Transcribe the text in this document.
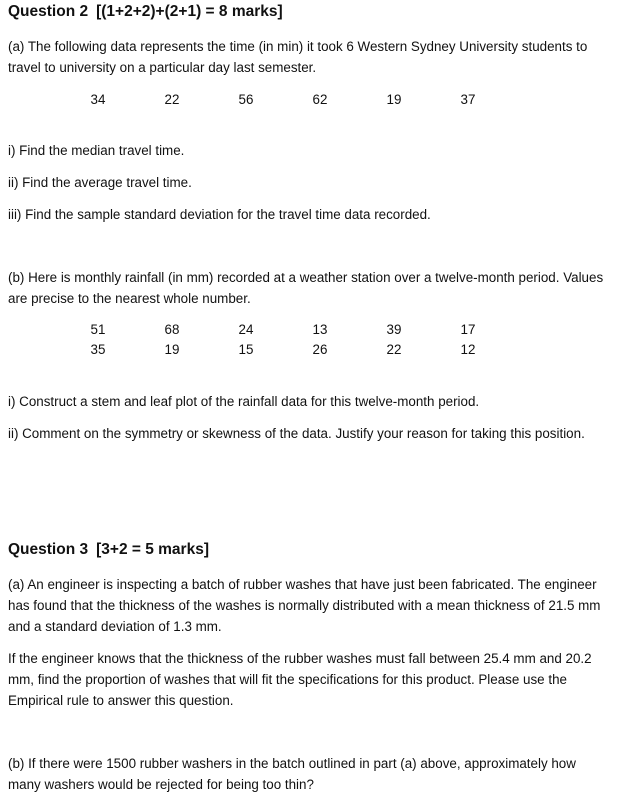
Question 2 [(1+2+2)+(2+1) = 8 marks]

(a) The following data represents the time (in min) it took 6 Western Sydney University students to travel to university on a particular day last semester.

34	22	56	62	19	37

i) Find the median travel time.

ii) Find the average travel time.

iii) Find the sample standard deviation for the travel time data recorded.

(b) Here is monthly rainfall (in mm) recorded at a weather station over a twelve-month period. Values are precise to the nearest whole number.

51	68	24	13	39	17
35	19	15	26	22	12

i) Construct a stem and leaf plot of the rainfall data for this twelve-month period.

ii) Comment on the symmetry or skewness of the data. Justify your reason for taking this position.

Question 3 [3+2 = 5 marks]

(a) An engineer is inspecting a batch of rubber washes that have just been fabricated. The engineer has found that the thickness of the washes is normally distributed with a mean thickness of 21.5 mm and a standard deviation of 1.3 mm.

If the engineer knows that the thickness of the rubber washes must fall between 25.4 mm and 20.2 mm, find the proportion of washes that will fit the specifications for this product. Please use the Empirical rule to answer this question.

(b) If there were 1500 rubber washers in the batch outlined in part (a) above, approximately how many washers would be rejected for being too thin?
